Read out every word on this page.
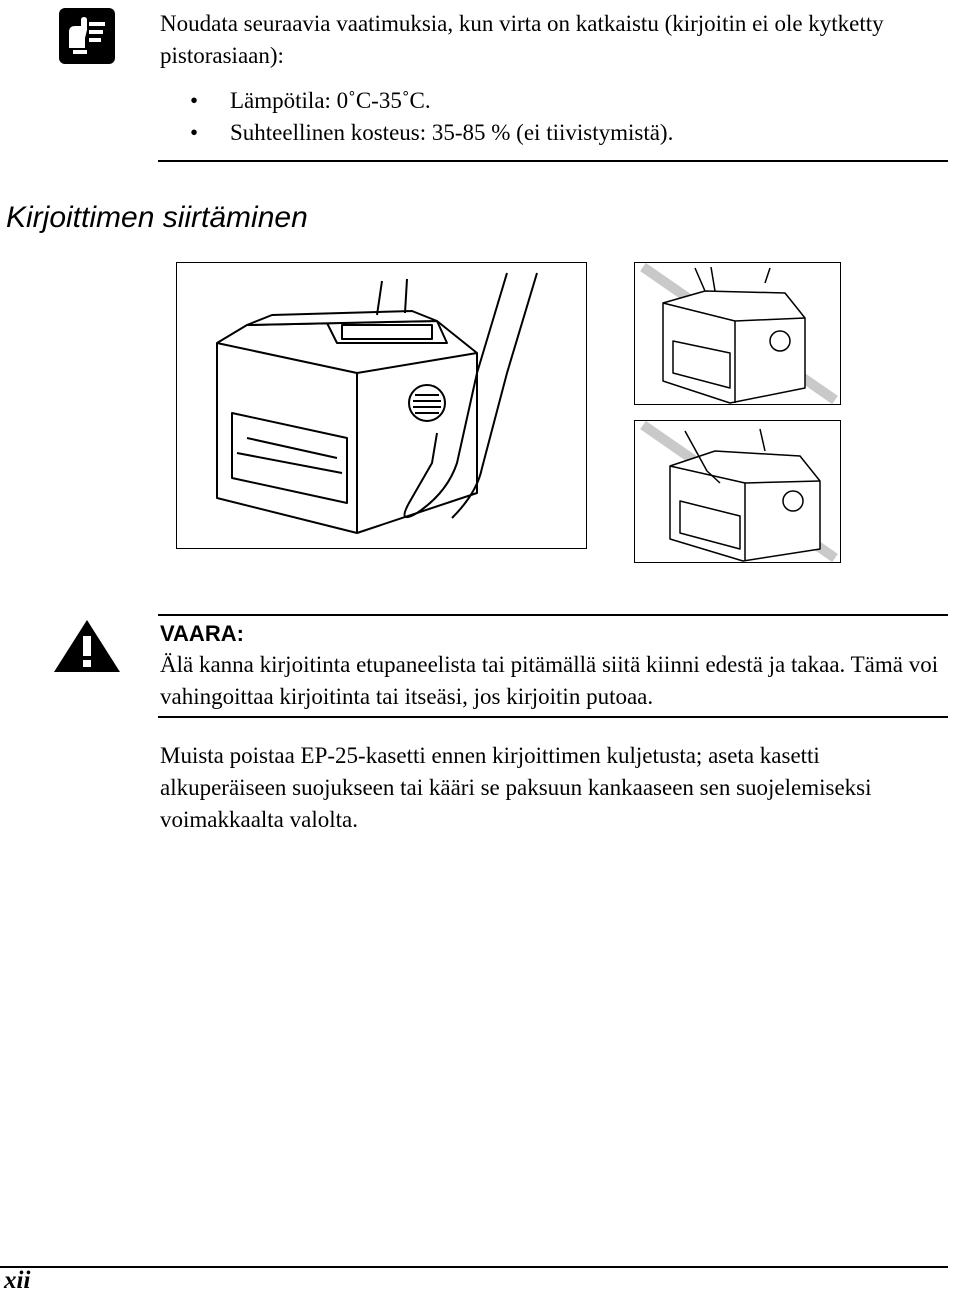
Noudata seuraavia vaatimuksia, kun virta on katkaistu (kirjoitin ei ole kytketty pistorasiaan):
• Lämpötila: 0˚C-35˚C.
• Suhteellinen kosteus: 35-85 % (ei tiivistymistä).
Kirjoittimen siirtäminen
VAARA:
Älä kanna kirjoitinta etupaneelista tai pitämällä siitä kiinni edestä ja takaa. Tämä voi vahingoittaa kirjoitinta tai itseäsi, jos kirjoitin putoaa.
Muista poistaa EP-25-kasetti ennen kirjoittimen kuljetusta; aseta kasetti alkuperäiseen suojukseen tai kääri se paksuun kankaaseen sen suojelemiseksi voimakkaalta valolta.
xii
